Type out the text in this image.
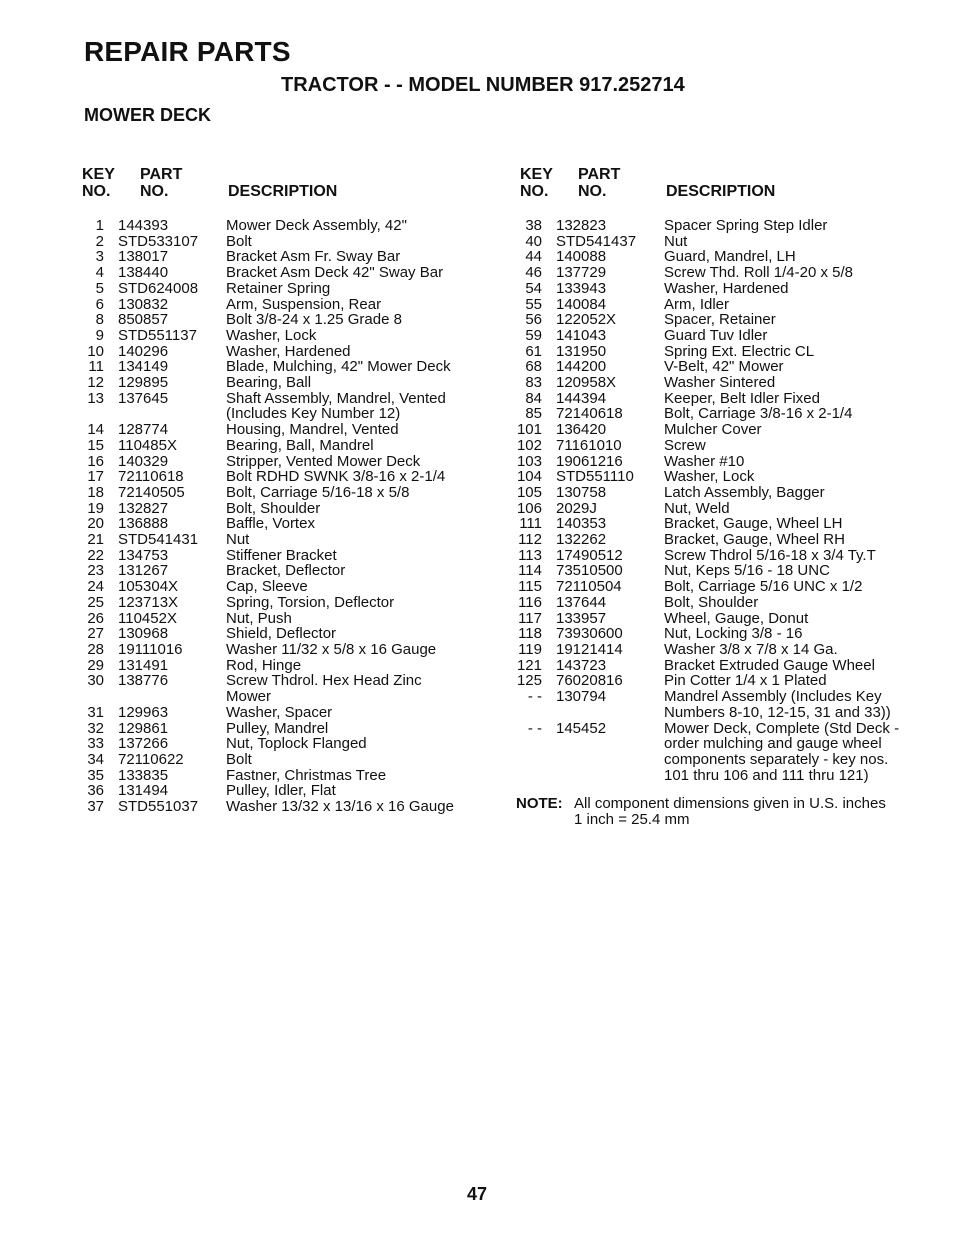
REPAIR PARTS
TRACTOR - - MODEL NUMBER 917.252714
MOWER DECK
KEY
NO.
PART
NO.	DESCRIPTION
1 144393	Mower Deck Assembly, 42"
2 STD533107 Bolt
3 138017	Bracket Asm Fr. Sway Bar
4 138440	Bracket Asm Deck 42" Sway Bar
5 STD624008 Retainer Spring
6 130832	Arm, Suspension, Rear
8 850857	Bolt 3/8-24 x 1.25 Grade 8
9 STD551137 Washer, Lock
10 140296	Washer, Hardened
11 134149	Blade, Mulching, 42" Mower Deck
12 129895	Bearing, Ball
13 137645	Shaft Assembly, Mandrel, Vented
(Includes Key Number 12)
14 128774	Housing, Mandrel, Vented
15 110485X	Bearing, Ball, Mandrel
16 140329	Stripper, Vented Mower Deck
17 72110618	Bolt RDHD SWNK 3/8-16 x 2-1/4
18 72140505	Bolt, Carriage 5/16-18 x 5/8
19 132827	Bolt, Shoulder
20 136888	Baffle, Vortex
21 STD541431 Nut
22 134753	Stiffener Bracket
23 131267	Bracket, Deflector
24 105304X	Cap, Sleeve
25 123713X	Spring, Torsion, Deflector
26 110452X	Nut, Push
27 130968	Shield, Deflector
28 19111016	Washer 11/32 x 5/8 x 16 Gauge
29 131491	Rod, Hinge
30 138776	Screw Thdrol. Hex Head Zinc
Mower
31 129963	Washer, Spacer
32 129861	Pulley, Mandrel
33 137266	Nut, Toplock Flanged
34 72110622	Bolt
35 133835	Fastner, Christmas Tree
36 131494	Pulley, Idler, Flat
37 STD551037 Washer 13/32 x 13/16 x 16 Gauge
KEY
NO.
PART
NO.	DESCRIPTION
38 132823	Spacer Spring Step Idler
40 STD541437 Nut
44 140088	Guard, Mandrel, LH
46 137729	Screw Thd. Roll 1/4-20 x 5/8
54 133943	Washer, Hardened
55 140084	Arm, Idler
56 122052X	Spacer, Retainer
59 141043	Guard Tuv Idler
61 131950	Spring Ext. Electric CL
68 144200	V-Belt, 42" Mower
83 120958X	Washer Sintered
84 144394	Keeper, Belt Idler Fixed
85 72140618	Bolt, Carriage 3/8-16 x 2-1/4
101 136420	Mulcher Cover
102 71161010	Screw
103 19061216	Washer #10
104 STD551110 Washer, Lock
105 130758	Latch Assembly, Bagger
106 2029J	Nut, Weld
111 140353	Bracket, Gauge, Wheel LH
112 132262	Bracket, Gauge, Wheel RH
113 17490512	Screw Thdrol 5/16-18 x 3/4 Ty.T
114 73510500	Nut, Keps 5/16 - 18 UNC
115 72110504	Bolt, Carriage 5/16 UNC x 1/2
116 137644	Bolt, Shoulder
117 133957	Wheel, Gauge, Donut
118 73930600	Nut, Locking 3/8 - 16
119 19121414	Washer 3/8 x 7/8 x 14 Ga.
121 143723	Bracket Extruded Gauge Wheel
125 76020816	Pin Cotter 1/4 x 1 Plated
- - 130794	Mandrel Assembly (Includes Key
Numbers 8-10, 12-15, 31 and 33))
- - 145452	Mower Deck, Complete (Std Deck -
order mulching and gauge wheel
components separately - key nos.
101 thru 106 and 111 thru 121)
NOTE: All component dimensions given in U.S. inches
1 inch = 25.4 mm
47
